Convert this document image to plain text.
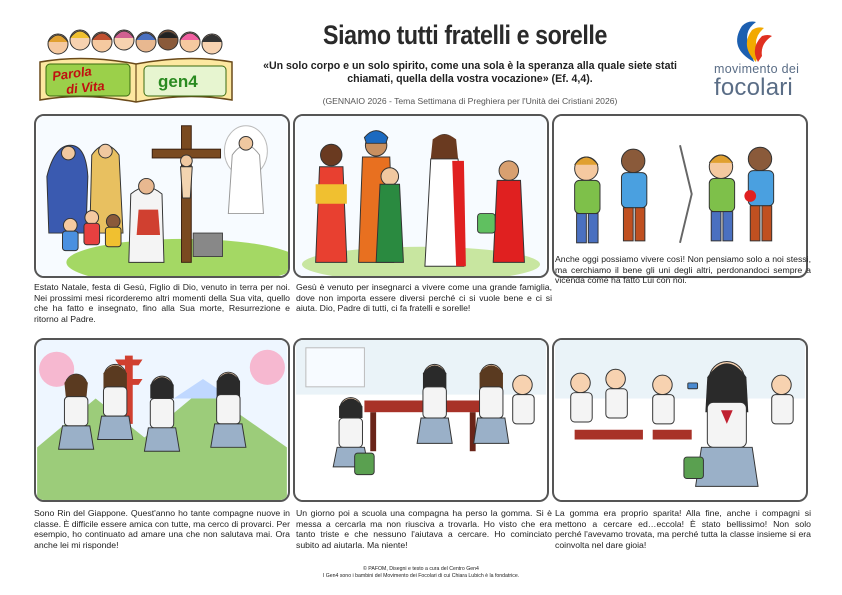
Parola
di Vita	gen4
Siamo tutti fratelli e sorelle
«Un solo corpo e un solo spirito, come una sola è la speranza alla quale siete stati chiamati, quella della vostra vocazione» (Ef. 4,4).
(GENNAIO 2026 - Tema Settimana di Preghiera per l'Unità dei Cristiani 2026)
movimento dei
focolari
Estato Natale, festa di Gesù, Figlio di Dio, venuto in terra per noi. Nei prossimi mesi ricorderemo altri momenti della Sua vita, quello che ha fatto e insegnato, fino alla Sua morte, Resurrezione e ritorno al Padre.
Gesù è venuto per insegnarci a vivere come una grande famiglia, dove non importa essere diversi perché ci si vuole bene e ci si aiuta. Dio, Padre di tutti, ci fa fratelli e sorelle!
Anche oggi possiamo vivere così! Non pensiamo solo a noi stessi, ma cerchiamo il bene gli uni degli altri, perdonandoci sempre a vicenda come ha fatto Lui con noi.
Sono Rin del Giappone. Quest'anno ho tante compagne nuove in classe. È difficile essere amica con tutte, ma cerco di provarci. Per esempio, ho continuato ad amare una che non salutava mai. Ora anche lei mi risponde!
Un giorno poi a scuola una compagna ha perso la gomma. Si è messa a cercarla ma non riusciva a trovarla. Ho visto che era tanto triste e che nessuno l'aiutava a cercare. Ho cominciato subito ad aiutarla. Ma niente!
La gomma era proprio sparita! Alla fine, anche i compagni si mettono a cercare ed…eccola! È stato bellissimo! Non solo perché l'avevamo trovata, ma perché tutta la classe insieme si era coinvolta nel dare gioia!
© PAFOM, Disegni e testo a cura del Centro Gen4
I Gen4 sono i bambini del Movimento dei Focolari di cui Chiara Lubich è la fondatrice.
